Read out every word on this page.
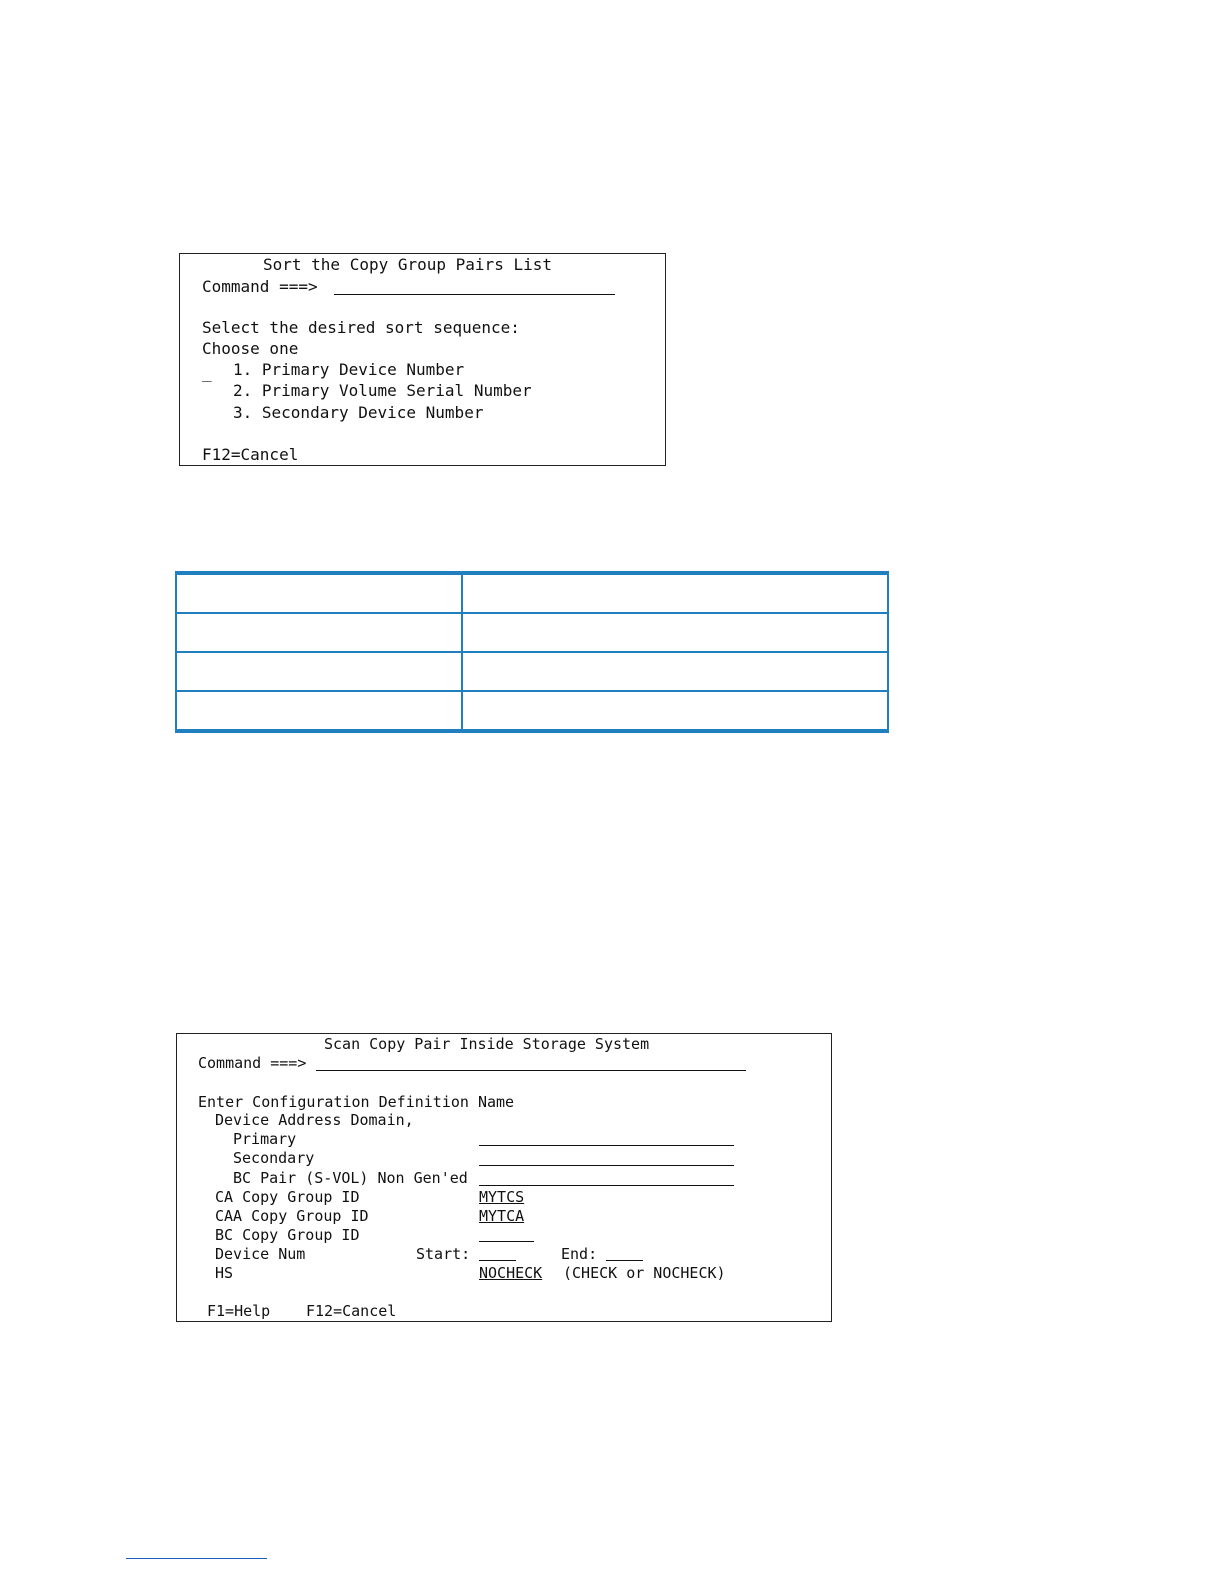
Sort the Copy Group Pairs List
Command ===>
Select the desired sort sequence:
Choose one
_ 1. Primary Device Number
2. Primary Volume Serial Number
3. Secondary Device Number
F12=Cancel

Scan Copy Pair Inside Storage System
Command ===>
Enter Configuration Definition Name
Device Address Domain,
Primary
Secondary
BC Pair (S-VOL) Non Gen'ed
CA Copy Group ID	MYTCS
CAA Copy Group ID	MYTCA
BC Copy Group ID
Device Num	Start:	End:
HS	NOCHECK (CHECK or NOCHECK)
F1=Help F12=Cancel
